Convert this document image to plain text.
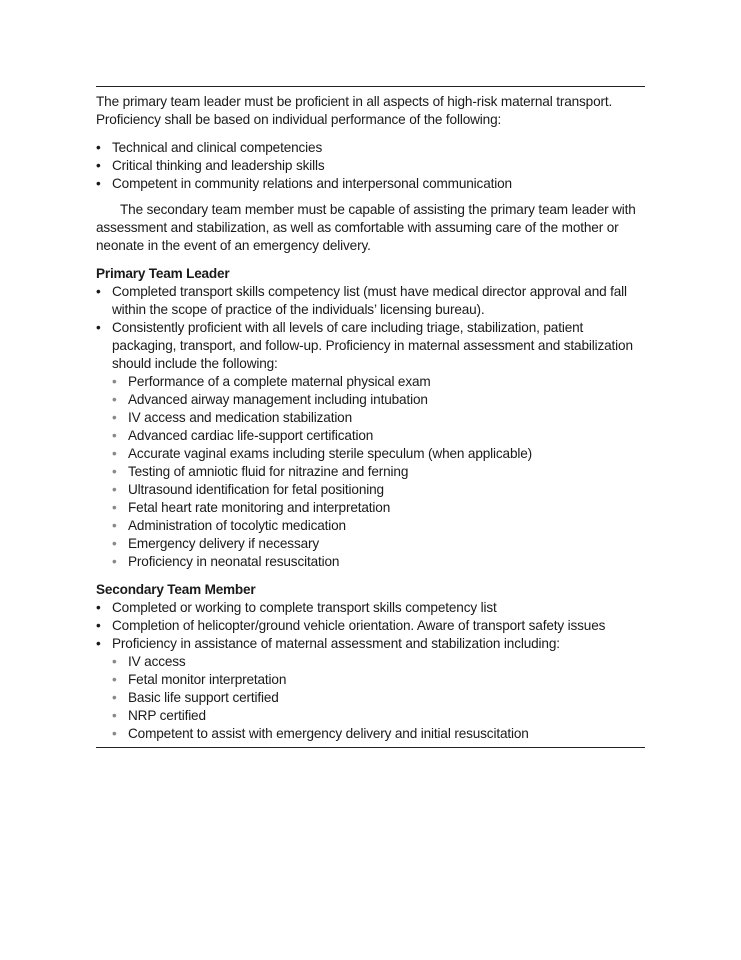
The primary team leader must be proficient in all aspects of high-risk maternal transport. Proficiency shall be based on individual performance of the following:

• Technical and clinical competencies
• Critical thinking and leadership skills
• Competent in community relations and interpersonal communication

The secondary team member must be capable of assisting the primary team leader with assessment and stabilization, as well as comfortable with assuming care of the mother or neonate in the event of an emergency delivery.

Primary Team Leader
• Completed transport skills competency list (must have medical director approval and fall within the scope of practice of the individuals’ licensing bureau).
• Consistently proficient with all levels of care including triage, stabilization, patient packaging, transport, and follow-up. Proficiency in maternal assessment and stabilization should include the following:
• Performance of a complete maternal physical exam
• Advanced airway management including intubation
• IV access and medication stabilization
• Advanced cardiac life-support certification
• Accurate vaginal exams including sterile speculum (when applicable)
• Testing of amniotic fluid for nitrazine and ferning
• Ultrasound identification for fetal positioning
• Fetal heart rate monitoring and interpretation
• Administration of tocolytic medication
• Emergency delivery if necessary
• Proficiency in neonatal resuscitation
Secondary Team Member
• Completed or working to complete transport skills competency list
• Completion of helicopter/ground vehicle orientation. Aware of transport safety issues
• Proficiency in assistance of maternal assessment and stabilization including:
• IV access
• Fetal monitor interpretation
• Basic life support certified
• NRP certified
• Competent to assist with emergency delivery and initial resuscitation
